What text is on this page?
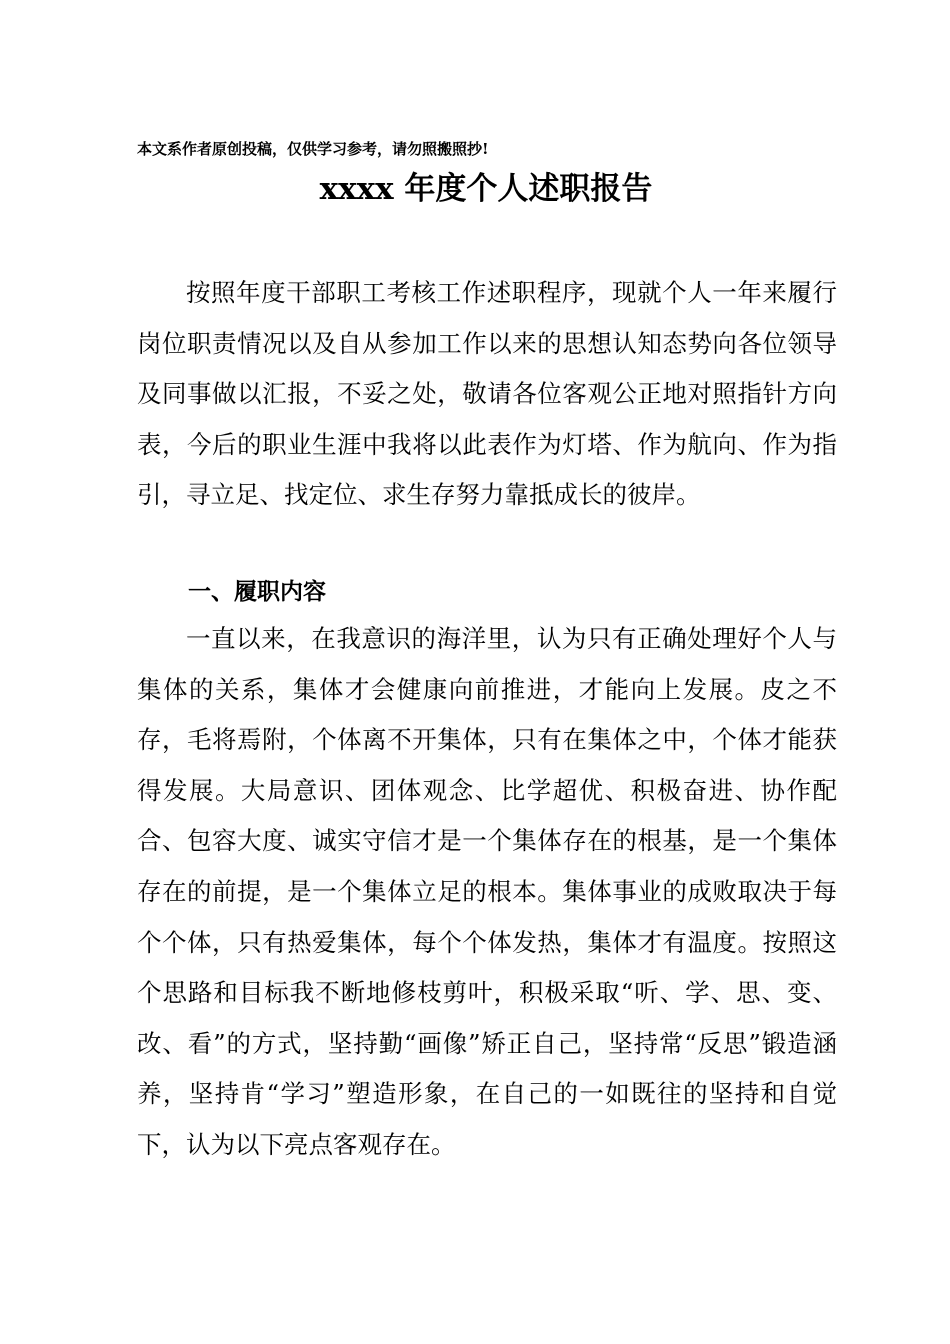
本文系作者原创投稿，仅供学习参考，请勿照搬照抄!
xxxx 年度个人述职报告

按照年度干部职工考核工作述职程序，现就个人一年来履行岗位职责情况以及自从参加工作以来的思想认知态势向各位领导及同事做以汇报，不妥之处，敬请各位客观公正地对照指针方向表，今后的职业生涯中我将以此表作为灯塔、作为航向、作为指引，寻立足、找定位、求生存努力靠抵成长的彼岸。

一、履职内容

一直以来，在我意识的海洋里，认为只有正确处理好个人与集体的关系，集体才会健康向前推进，才能向上发展。皮之不存，毛将焉附，个体离不开集体，只有在集体之中，个体才能获得发展。大局意识、团体观念、比学超优、积极奋进、协作配合、包容大度、诚实守信才是一个集体存在的根基，是一个集体存在的前提，是一个集体立足的根本。集体事业的成败取决于每个个体，只有热爱集体，每个个体发热，集体才有温度。按照这个思路和目标我不断地修枝剪叶，积极采取“听、学、思、变、改、看”的方式，坚持勤“画像”矫正自己，坚持常“反思”锻造涵养，坚持肯“学习”塑造形象，在自己的一如既往的坚持和自觉下，认为以下亮点客观存在。
